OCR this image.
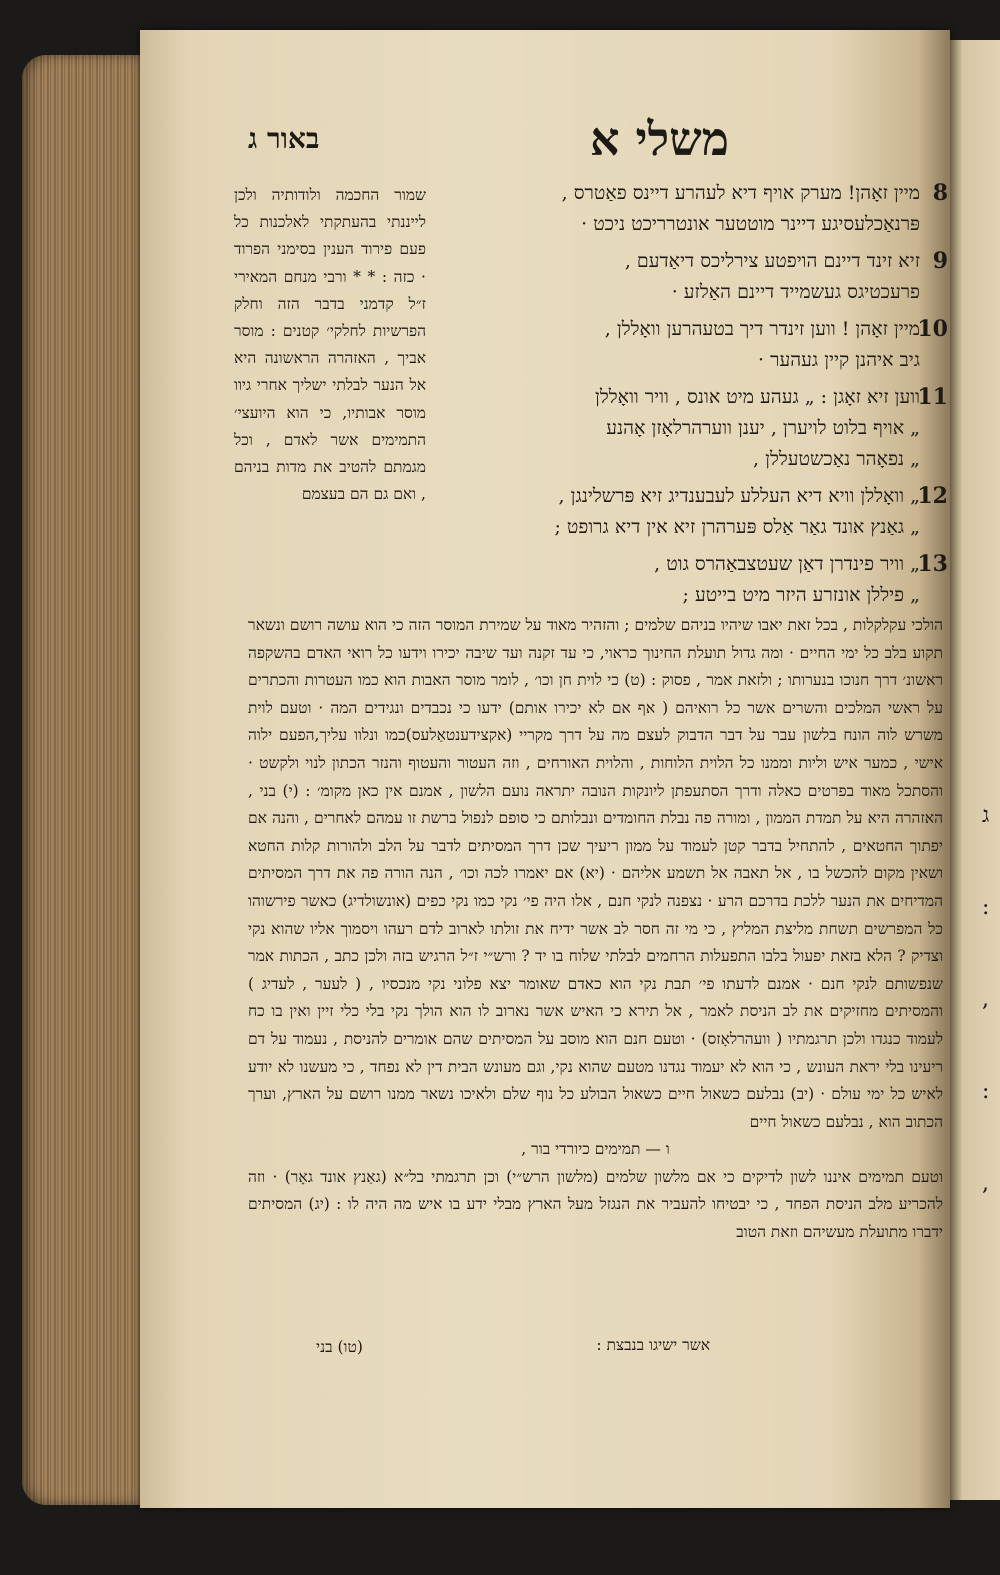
ג
:
,
:
,
משלי א
באור ג
8
מיין זאָהן! מערק אויף דיא לעהרע דיינס פאַטרס ,
פּרנאַכלעסיגע דיינר מוטטער אונטרריכט ניכט ·
9
זיא זינד דיינם הויפטע צירליכס דיאַדעם ,
פרעכטיגס געשמייד דיינם האַלזע ·
10
מיין זאָהן ! ווען זינדר דיך בטעהרען וואָללן ,
גיב איהנן קיין געהער ·
11
ווען זיא זאָגן : „ געהע מיט אונס , וויר וואָללן
„ אויף בלוט לויערן , יענן ווערהרלאָזן אָהנע
„ נפאָהר נאַכשטעללן ,
12
„ וואָללן וויא דיא העללע לעבענדיג זיא פּרשלינגן ,
„ גאַנץ אונד גאַר אַלס פּערהרן זיא אין דיא גרופט ;
13
„ וויר פינדרן דאַן שעטצבאַהרס גוט ,
„ פיללן אונזרע היזר מיט בייטע ;

שמור החכמה ולודותיה ולכן לייננתי בהעתקתי לאלכנות כל פעם פירוד הענין בסימני הפרוד · כזה : * * ורבי מנחם המאירי ז״ל קדמני בדבר הזה וחלק הפרשיות לחלקי׳ קטנים : מוסר אביך , האזהרה הראשונה היא אל הנער לבלתי ישליך אחרי גיוו מוסר אבותיו, כי הוא היועצי׳ התמימים אשר לאדם , וכל מגמתם להטיב את מדות בניהם , ואם גם הם בעצמם

הולכי עקלקלות , בכל זאת יאבו שיהיו בניהם שלמים ; והזהיר מאוד על שמירת המוסר הזה כי הוא עושה רושם ונשאר תקוע בלב כל ימי החיים · ומה גדול תועלת החינוך כראוי, כי עד זקנה ועד שיבה יכירו וידעו כל רואי האדם בהשקפה ראשונ׳ דרך חנוכו בנערותו ; ולזאת אמר , פסוק : (ט) כי לוית חן וכו׳ , לומר מוסר האבות הוא כמו העטרות והכתרים על ראשי המלכים והשרים אשר כל רואיהם ( אף אם לא יכירו אותם) ידעו כי נכבדים ונגידים המה · וטעם לוית משרש לוה הונח בלשון עבר על דבר הדבוק לעצם מה על דרך מקריי (אקצידענטאַלעס)כמו ונלוו עליך,הפעם ילוה אישי , כמער איש וליות וממנו כל הלוית הלוחות , והלוית האורחים , וזה העטור והעטוף והנזר הכתון לנוי ולקשט · והסתכל מאוד בפרטים כאלה ודרך הסתעפתן ליונקות הנובה יתראה נועם הלשון , אמנם אין כאן מקומ׳ : (י) בני , האזהרה היא על תמדת הממון , ומורה פה נבלת החומדים ונבלותם כי סופם לנפול ברשת זו עמהם לאחרים , והנה אם יפתוך החטאים , להתחיל בדבר קטן לעמוד על ממון ריעיך שכן דרך המסיתים לדבר על הלב ולהורות קלות החטא ושאין מקום להכשל בו , אל תאבה אל תשמע אליהם · (יא) אם יאמרו לכה וכו׳ , הנה הורה פה את דרך המסיתים המדיחים את הנער ללכת בדרכם הרע · נצפנה לנקי חנם , אלו היה פי׳ נקי כמו נקי כפים (אונשולדיג) כאשר פירשוהו כל המפרשים תשחת מליצת המליץ , כי מי זה חסר לב אשר ידיח את זולתו לארוב לדם רעהו ויסמוך אליו שהוא נקי וצדיק ? הלא בזאת יפעול בלבו התפעלות הרחמים לבלתי שלוח בו יד ? ורש״י ז״ל הרגיש בזה ולכן כתב , הכתות אמר שנפשותם לנקי חנם · אמנם לדעתו פי׳ תבת נקי הוא כאדם שאומר יצא פלוני נקי מנכסיו , ( לעער , לעדיג ) והמסיתים מחזיקים את לב הניסת לאמר , אל תירא כי האיש אשר נארוב לו הוא הולך נקי בלי כלי זיין ואין בו כח לעמוד כנגדו ולכן תרגמתיו ( וועהרלאָזס) · וטעם חנם הוא מוסב על המסיתים שהם אומרים להניסת , נעמוד על דם ריעינו בלי יראת העונש , כי הוא לא יעמוד נגדנו מטעם שהוא נקי, וגם מעונש הבית דין לא נפחד , כי מעשנו לא יודע לאיש כל ימי עולם · (יב) נבלעם כשאול חיים כשאול הבולע כל נוף שלם ולאיכו נשאר ממנו רושם על הארץ, וערך הכתוב הוא , נבלעם כשאול חיים

ו — תמימים כיורדי בור ,

וטעם תמימים איננו לשון לדיקים כי אם מלשון שלמים (מלשון הרש״י) וכן תרגמתי בל״א (גאַנץ אונד גאָר) · וזה להכריע מלב הניסת הפחד , כי יבטיחו להעביר את הנגזל מעל הארץ מבלי ידע בו איש מה היה לו : (יג) המסיתים ידברו מתועלת מעשיהם וזאת הטוב

אשר ישיגו בנבצת :
(טו) בני
